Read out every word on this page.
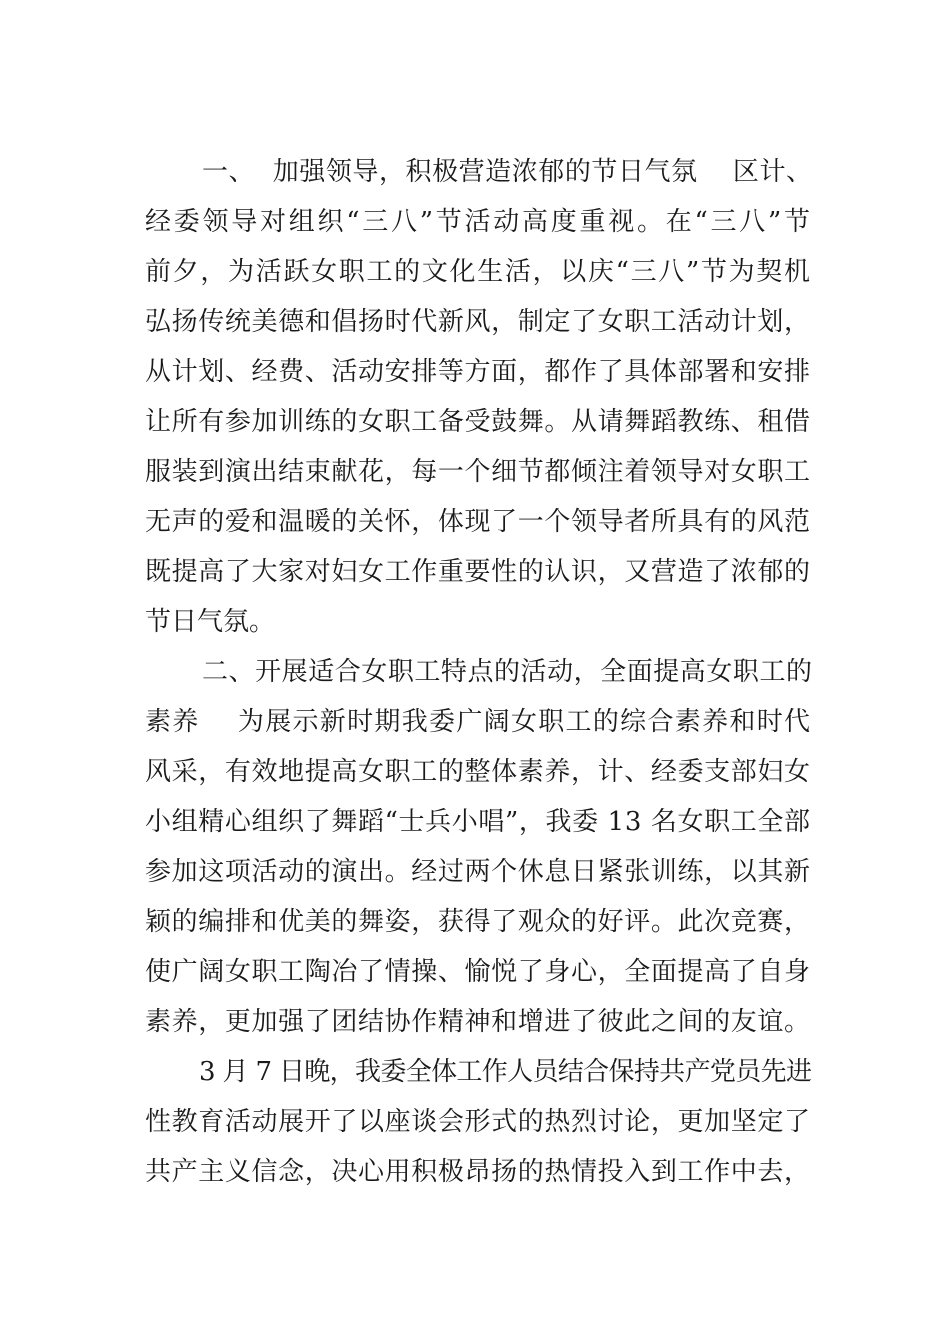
一、  加强领导，积极营造浓郁的节日气氛    区计、
经委领导对组织“三八”节活动高度重视。在“三八”节
前夕，为活跃女职工的文化生活，以庆“三八”节为契机
弘扬传统美德和倡扬时代新风，制定了女职工活动计划，
从计划、经费、活动安排等方面，都作了具体部署和安排
让所有参加训练的女职工备受鼓舞。从请舞蹈教练、租借
服装到演出结束献花，每一个细节都倾注着领导对女职工
无声的爱和温暖的关怀，体现了一个领导者所具有的风范
既提高了大家对妇女工作重要性的认识，又营造了浓郁的
节日气氛。
二、开展适合女职工特点的活动，全面提高女职工的
素养    为展示新时期我委广阔女职工的综合素养和时代
风采，有效地提高女职工的整体素养，计、经委支部妇女
小组精心组织了舞蹈“士兵小唱”，我委 13 名女职工全部
参加这项活动的演出。经过两个休息日紧张训练，以其新
颖的编排和优美的舞姿，获得了观众的好评。此次竞赛，
使广阔女职工陶冶了情操、愉悦了身心，全面提高了自身
素养，更加强了团结协作精神和增进了彼此之间的友谊。
3 月 7 日晚，我委全体工作人员结合保持共产党员先进
性教育活动展开了以座谈会形式的热烈讨论，更加坚定了
共产主义信念，决心用积极昂扬的热情投入到工作中去，
